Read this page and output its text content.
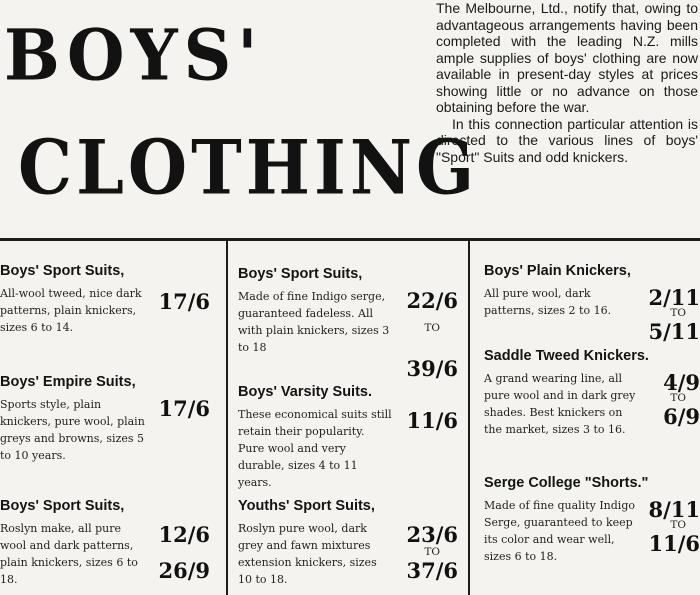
BOYS'
CLOTHING

The Melbourne, Ltd., notify that, owing to advantageous arrangements having been completed with the leading N.Z. mills ample supplies of boys' clothing are now available in present-day styles at prices showing little or no advance on those obtaining before the war.

In this connection particular attention is directed to the various lines of boys' "Sport" Suits and odd knickers.

Boys' Sport Suits,
All-wool tweed, nice dark patterns, plain knickers, sizes 6 to 14.
17/6
Boys' Empire Suits,
Sports style, plain knickers, pure wool, plain greys and browns, sizes 5 to 10 years.
17/6
Boys' Sport Suits,
Roslyn make, all pure wool and dark patterns, plain knickers, sizes 6 to 18.
12/6
26/9
Boys' Sport Suits,
Made of fine Indigo serge, guaranteed fadeless. All with plain knickers, sizes 3 to 18
22/6
TO
39/6
Boys' Varsity Suits.
These economical suits still retain their popularity. Pure wool and very durable, sizes 4 to 11 years.
11/6
Youths' Sport Suits,
Roslyn pure wool, dark grey and fawn mixtures extension knickers, sizes 10 to 18.
23/6
TO
37/6
Boys' Plain Knickers,
All pure wool, dark patterns, sizes 2 to 16.
2/11
TO
5/11
Saddle Tweed Knickers.
A grand wearing line, all pure wool and in dark grey shades. Best knickers on the market, sizes 3 to 16.
4/9
TO
6/9
Serge College "Shorts."
Made of fine quality Indigo Serge, guaranteed to keep its color and wear well, sizes 6 to 18.
8/11
TO
11/6
